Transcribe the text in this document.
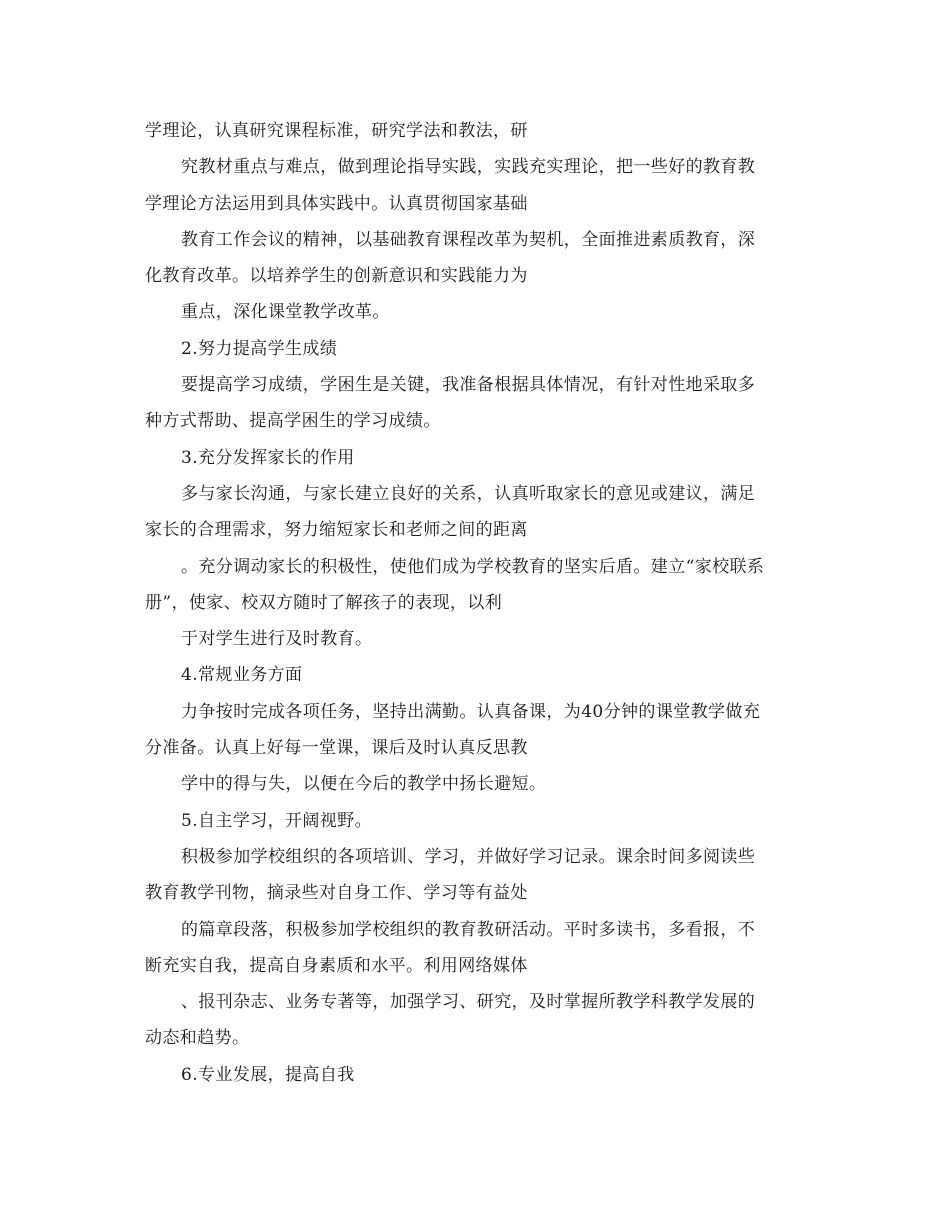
学理论，认真研究课程标准，研究学法和教法，研
究教材重点与难点，做到理论指导实践，实践充实理论，把一些好的教育教
学理论方法运用到具体实践中。认真贯彻国家基础
教育工作会议的精神，以基础教育课程改革为契机，全面推进素质教育，深
化教育改革。以培养学生的创新意识和实践能力为
重点，深化课堂教学改革。
2.努力提高学生成绩
要提高学习成绩，学困生是关键，我准备根据具体情况，有针对性地采取多
种方式帮助、提高学困生的学习成绩。
3.充分发挥家长的作用
多与家长沟通，与家长建立良好的关系，认真听取家长的意见或建议，满足
家长的合理需求，努力缩短家长和老师之间的距离
。充分调动家长的积极性，使他们成为学校教育的坚实后盾。建立“家校联系
册”，使家、校双方随时了解孩子的表现，以利
于对学生进行及时教育。
4.常规业务方面
力争按时完成各项任务，坚持出满勤。认真备课，为40分钟的课堂教学做充
分准备。认真上好每一堂课，课后及时认真反思教
学中的得与失，以便在今后的教学中扬长避短。
5.自主学习，开阔视野。
积极参加学校组织的各项培训、学习，并做好学习记录。课余时间多阅读些
教育教学刊物，摘录些对自身工作、学习等有益处
的篇章段落，积极参加学校组织的教育教研活动。平时多读书，多看报，不
断充实自我，提高自身素质和水平。利用网络媒体
、报刊杂志、业务专著等，加强学习、研究，及时掌握所教学科教学发展的
动态和趋势。
6.专业发展，提高自我
